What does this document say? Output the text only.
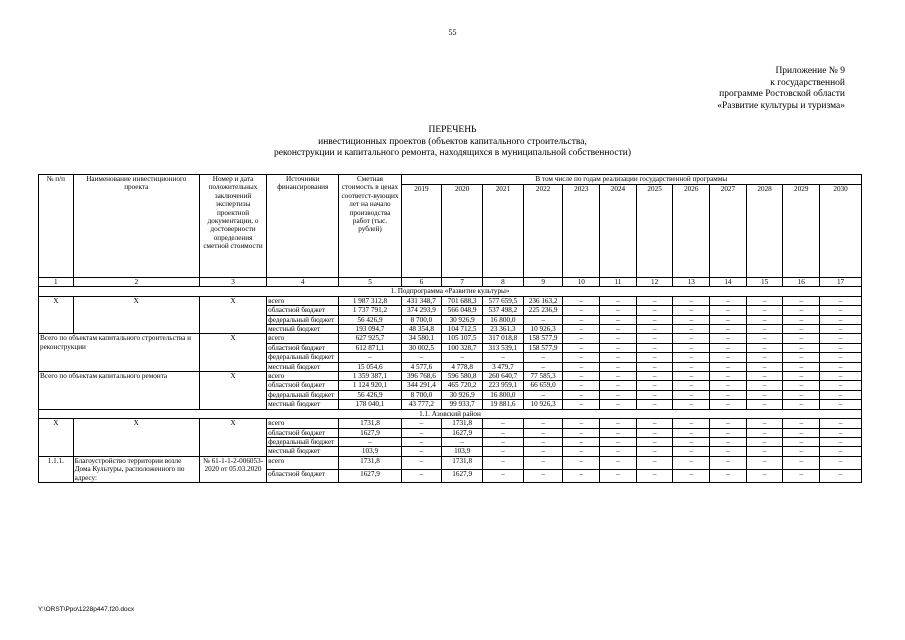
55
Приложение № 9
к государственной
программе Ростовской области
«Развитие культуры и туризма»
ПЕРЕЧЕНЬ
инвестиционных проектов (объектов капитального строительства,
реконструкции и капитального ремонта, находящихся в муниципальной собственности)
№ п/п	Наименование инвестиционного проекта	Номер и дата положительных заключений экспертизы проектной документации, о достоверности определения сметной стоимости	Источники финансирования	Сметная стоимость в ценах соответст-вующих лет на начало производства работ (тыс. рублей)	В том числе по годам реализации государственной программы											
					2019	2020	2021	2022	2023	2024	2025	2026	2027	2028	2029	2030
1	2	3	4	5	6	7	8	9	10	11	12	13	14	15	16	17
1. Подпрограмма «Развитие культуры»																
X	X	X	всего	1 987 312,8	431 348,7	701 688,3	577 659,5	236 163,2	–	–	–	–	–	–	–	–
			областной бюджет	1 737 791,2	374 293,9	566 048,9	537 498,2	225 236,9	–	–	–	–	–	–	–	–
			федеральный бюджет	56 426,9	8 700,0	30 926,9	16 800,0	–	–	–	–	–	–	–	–	–
			местный бюджет	193 094,7	48 354,8	104 712,5	23 361,3	10 926,3	–	–	–	–	–	–	–	–
Всего по объектам капитального строительства и реконструкции		X	всего	627 925,7	34 580,1	105 107,5	317 018,8	158 577,9	–	–	–	–	–	–	–	–
			областной бюджет	612 871,1	30 002,5	100 328,7	313 539,1	158 577,9	–	–	–	–	–	–	–	–
			федеральный бюджет	–	–	–	–	–	–	–	–	–	–	–	–	–
			местный бюджет	15 054,6	4 577,6	4 778,8	3 479,7	–	–	–	–	–	–	–	–	–
Всего по объектам капитального ремонта		X	всего	1 359 387,1	396 768,6	596 580,8	260 640,7	77 585,3	–	–	–	–	–	–	–	–
			областной бюджет	1 124 920,1	344 291,4	465 720,2	223 959,1	66 659,0	–	–	–	–	–	–	–	–
			федеральный бюджет	56 426,9	8 700,0	30 926,9	16 800,0	–	–	–	–	–	–	–	–	–
			местный бюджет	178 040,1	43 777,2	99 933,7	19 881,6	10 926,3	–	–	–	–	–	–	–	–
1.1. Азовский район																
X	X	X	всего	1731,8	–	1731,8	–	–	–	–	–	–	–	–	–	–
			областной бюджет	1627,9	–	1627,9	–	–	–	–	–	–	–	–	–	–
			федеральный бюджет	–	–	–	–	–	–	–	–	–	–	–	–	–
			местный бюджет	103,9	–	103,9	–	–	–	–	–	–	–	–	–	–
1.1.1.	Благоустройство территории возле Дома Культуры, расположенного по адресу:	№ 61-1-1-2-006053-2020 от 05.03.2020	всего	1731,8	–	1731,8	–	–	–	–	–	–	–	–	–	–
			областной бюджет	1627,9	–	1627,9	–	–	–	–	–	–	–	–	–	–
Y:\ORST\Ppo\1228p447.f20.docx
